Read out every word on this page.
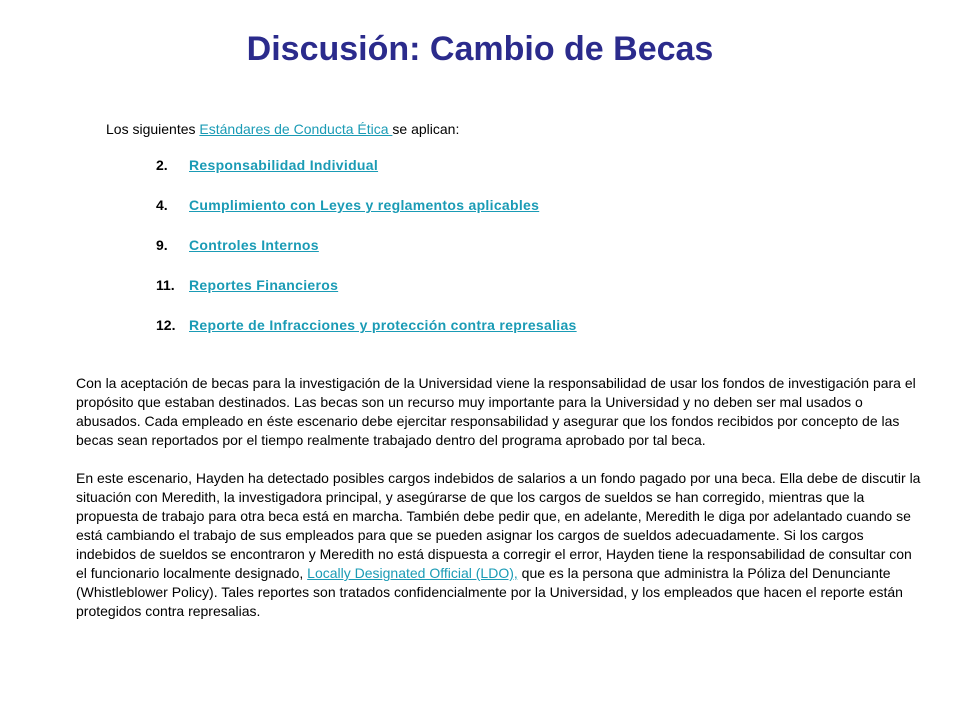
Discusión: Cambio de Becas

Los siguientes Estándares de Conducta Ética se aplican:

2. Responsabilidad Individual
4. Cumplimiento con Leyes y reglamentos aplicables
9. Controles Internos
11. Reportes Financieros
12. Reporte de Infracciones y protección contra represalias

Con la aceptación de becas para la investigación de la Universidad viene la responsabilidad de usar los fondos de investigación para el propósito que estaban destinados. Las becas son un recurso muy importante para la Universidad y no deben ser mal usados o abusados. Cada empleado en éste escenario debe ejercitar responsabilidad y asegurar que los fondos recibidos por concepto de las becas sean reportados por el tiempo realmente trabajado dentro del programa aprobado por tal beca.

En este escenario, Hayden ha detectado posibles cargos indebidos de salarios a un fondo pagado por una beca. Ella debe de discutir la situación con Meredith, la investigadora principal, y asegúrarse de que los cargos de sueldos se han corregido, mientras que la propuesta de trabajo para otra beca está en marcha. También debe pedir que, en adelante, Meredith le diga por adelantado cuando se está cambiando el trabajo de sus empleados para que se pueden asignar los cargos de sueldos adecuadamente. Si los cargos indebidos de sueldos se encontraron y Meredith no está dispuesta a corregir el error, Hayden tiene la responsabilidad de consultar con el funcionario localmente designado, Locally Designated Official (LDO), que es la persona que administra la Póliza del Denunciante (Whistleblower Policy). Tales reportes son tratados confidencialmente por la Universidad, y los empleados que hacen el reporte están protegidos contra represalias.
